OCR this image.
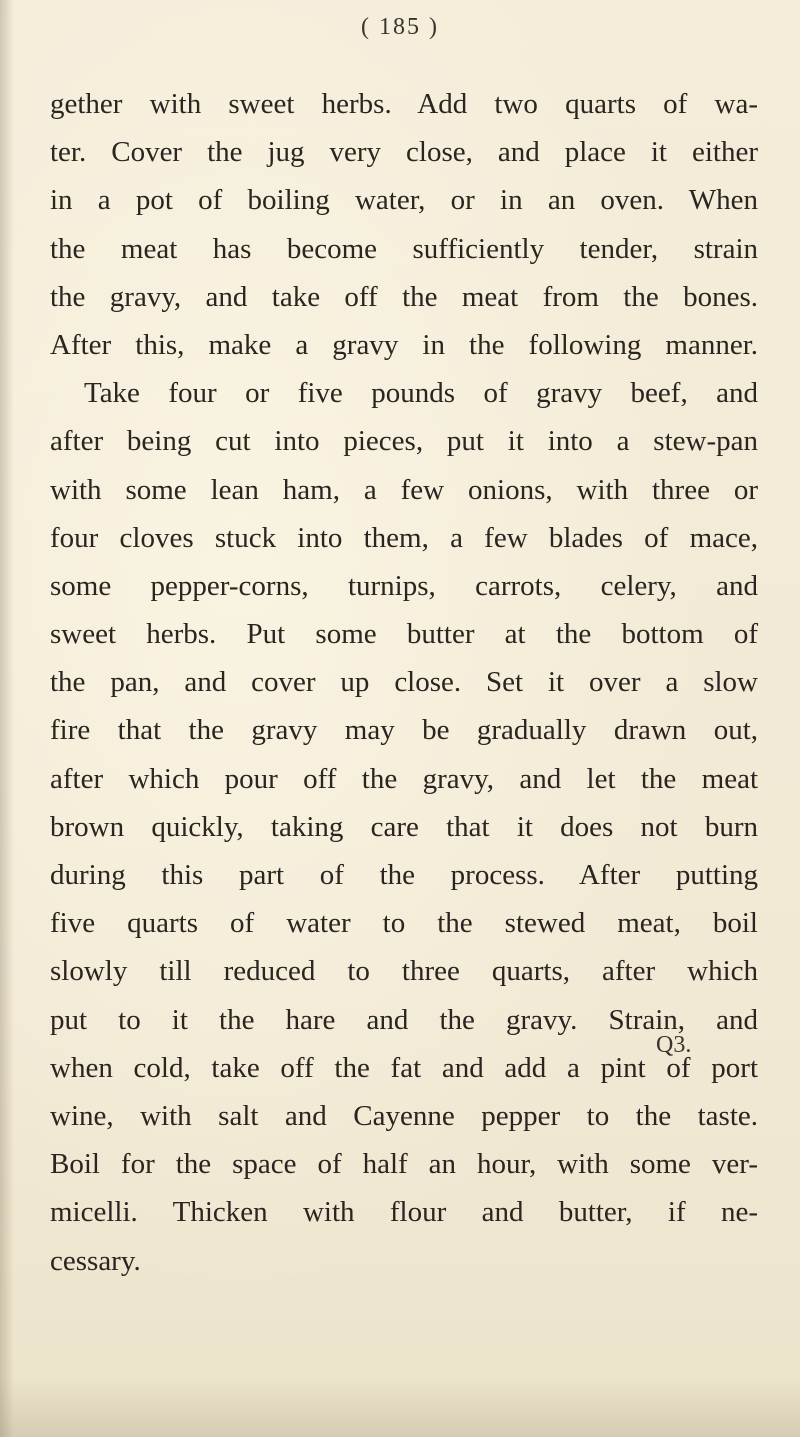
( 185 )
gether with sweet herbs. Add two quarts of wa-
ter. Cover the jug very close, and place it either
in a pot of boiling water, or in an oven. When
the meat has become sufficiently tender, strain
the gravy, and take off the meat from the bones.
After this, make a gravy in the following manner.
Take four or five pounds of gravy beef, and
after being cut into pieces, put it into a stew-pan
with some lean ham, a few onions, with three or
four cloves stuck into them, a few blades of mace,
some pepper-corns, turnips, carrots, celery, and
sweet herbs. Put some butter at the bottom of
the pan, and cover up close. Set it over a slow
fire that the gravy may be gradually drawn out,
after which pour off the gravy, and let the meat
brown quickly, taking care that it does not burn
during this part of the process. After putting
five quarts of water to the stewed meat, boil
slowly till reduced to three quarts, after which
put to it the hare and the gravy. Strain, and
when cold, take off the fat and add a pint of port
wine, with salt and Cayenne pepper to the taste.
Boil for the space of half an hour, with some ver-
micelli. Thicken with flour and butter, if ne-
cessary.
Q3.
